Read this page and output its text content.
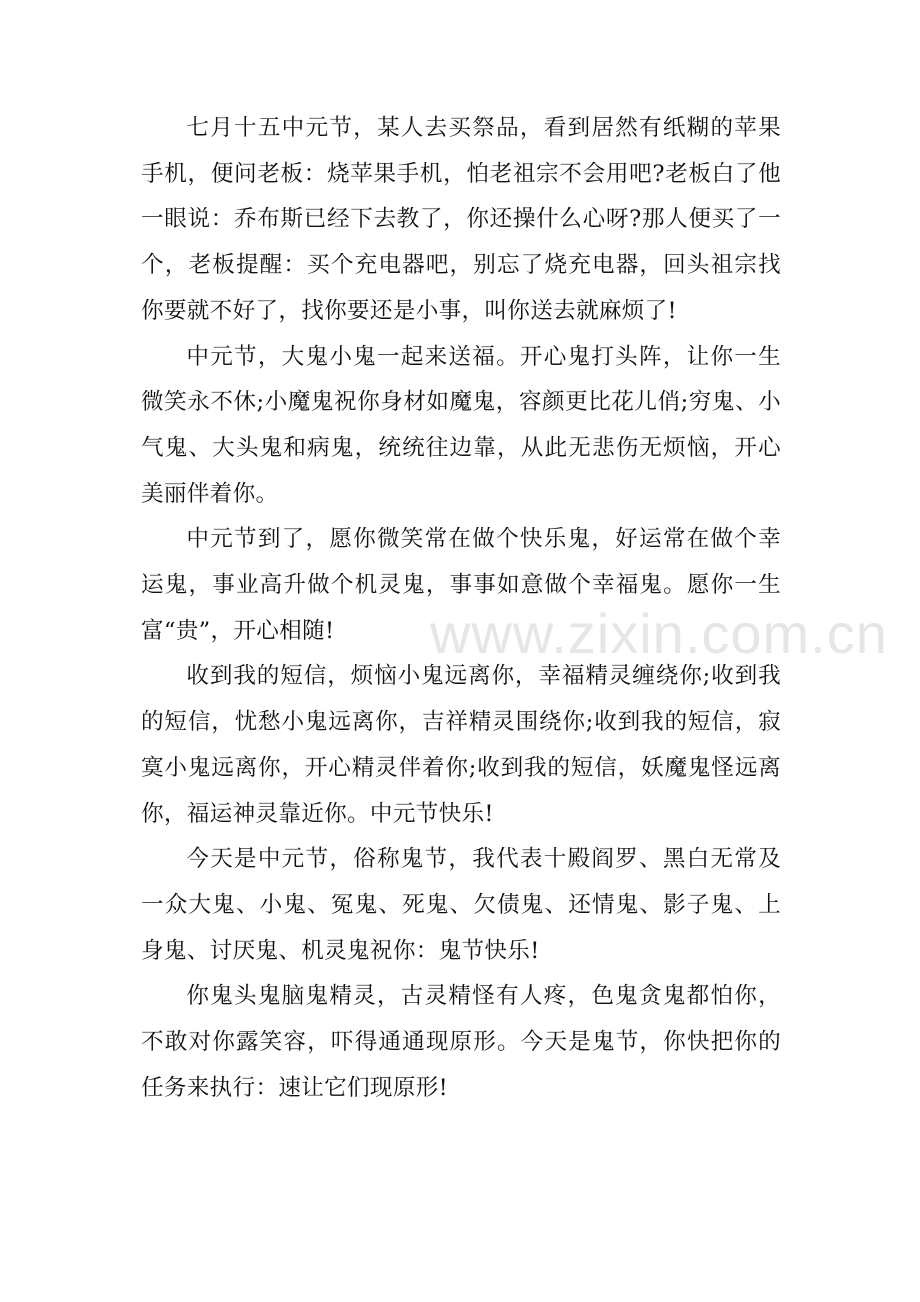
七月十五中元节，某人去买祭品，看到居然有纸糊的苹果手机，便问老板：烧苹果手机，怕老祖宗不会用吧?老板白了他一眼说：乔布斯已经下去教了，你还操什么心呀?那人便买了一个，老板提醒：买个充电器吧，别忘了烧充电器，回头祖宗找你要就不好了，找你要还是小事，叫你送去就麻烦了!

中元节，大鬼小鬼一起来送福。开心鬼打头阵，让你一生微笑永不休;小魔鬼祝你身材如魔鬼，容颜更比花儿俏;穷鬼、小气鬼、大头鬼和病鬼，统统往边靠，从此无悲伤无烦恼，开心美丽伴着你。

中元节到了，愿你微笑常在做个快乐鬼，好运常在做个幸运鬼，事业高升做个机灵鬼，事事如意做个幸福鬼。愿你一生富“贵”，开心相随!

收到我的短信，烦恼小鬼远离你，幸福精灵缠绕你;收到我的短信，忧愁小鬼远离你，吉祥精灵围绕你;收到我的短信，寂寞小鬼远离你，开心精灵伴着你;收到我的短信，妖魔鬼怪远离你，福运神灵靠近你。中元节快乐!

今天是中元节，俗称鬼节，我代表十殿阎罗、黑白无常及一众大鬼、小鬼、冤鬼、死鬼、欠债鬼、还情鬼、影子鬼、上身鬼、讨厌鬼、机灵鬼祝你：鬼节快乐!

你鬼头鬼脑鬼精灵，古灵精怪有人疼，色鬼贪鬼都怕你，不敢对你露笑容，吓得通通现原形。今天是鬼节，你快把你的任务来执行：速让它们现原形!

www.zixin.com.cn
